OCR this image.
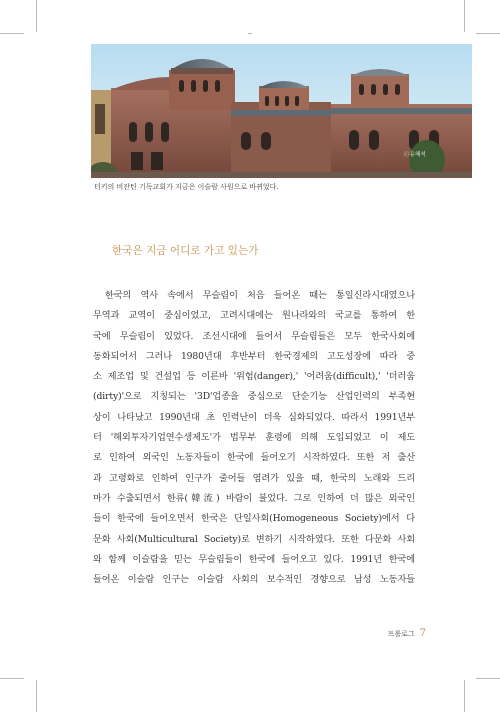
ⓒ유혜석
터키의 비잔틴 기독교회가 지금은 이슬람 사원으로 바뀌었다.
한국은 지금 어디로 가고 있는가
한국의 역사 속에서 무슬림이 처음 들어온 때는 통일신라시대였으나
무역과 교역이 중심이었고, 고려시대에는 원나라와의 국교를 통하여 한
국에 무슬림이 있었다. 조선시대에 들어서 무슬림들은 모두 한국사회에
동화되어서 그러나 1980년대 후반부터 한국경제의 고도성장에 따라 중
소 제조업 및 건설업 등 이른바 '위험(danger),' '어려움(difficult),' '더러움
(dirty)'으로 지칭되는 '3D'업종을 중심으로 단순기능 산업인력의 부족현
상이 나타났고 1990년대 초 인력난이 더욱 심화되었다. 따라서 1991년부
터 '해외투자기업연수생제도'가 법무부 훈령에 의해 도입되었고 이 제도
로 인하여 외국인 노동자들이 한국에 들어오기 시작하였다. 또한 저 출산
과 고령화로 인하여 인구가 줄어들 염려가 있을 때, 한국의 노래와 드리
마가 수출되면서 한류(韓流) 바람이 불었다. 그로 인하여 더 많은 외국인
들이 한국에 들어오면서 한국은 단일사회(Homogeneous Society)에서 다
문화 사회(Multicultural Society)로 변하기 시작하였다. 또한 다문화 사회
와 함께 이슬람을 믿는 무슬림들이 한국에 들어오고 있다. 1991년 한국에
들어온 이슬람 인구는 이슬람 사회의 보수적인 경향으로 남성 노동자들
프롤로그 7
